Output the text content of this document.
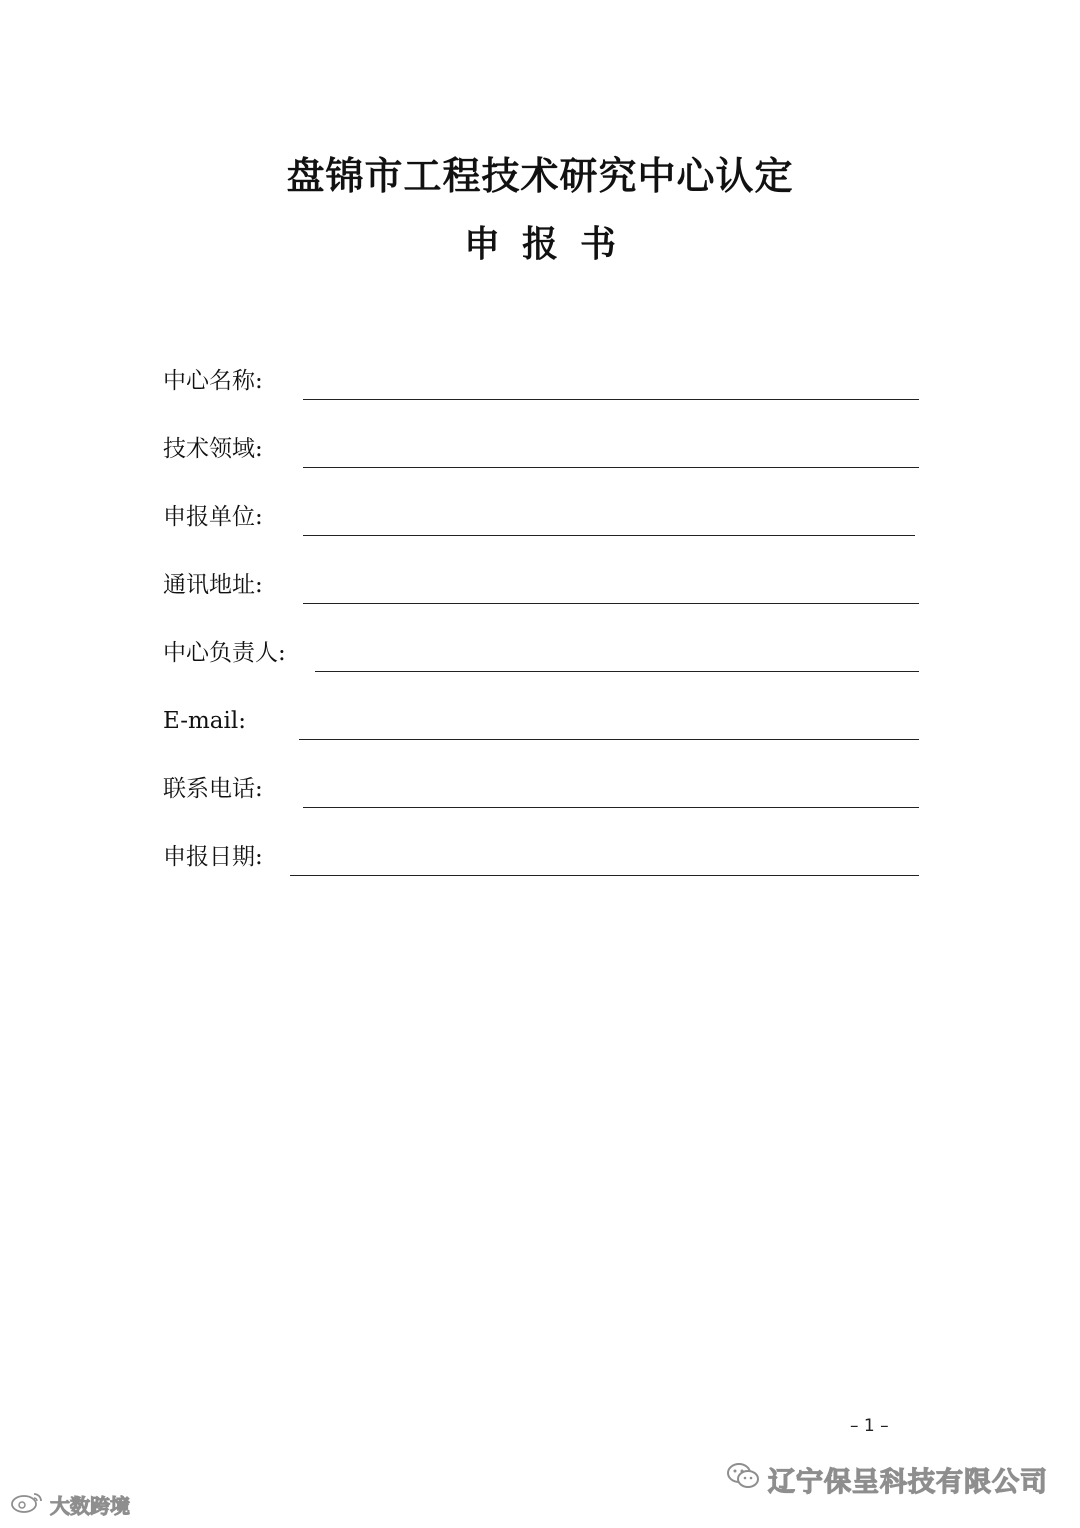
盘锦市工程技术研究中心认定
申报书
中心名称:
技术领域:
申报单位:
通讯地址:
中心负责人:
E-mail:
联系电话:
申报日期:
– 1 –
辽宁保呈科技有限公司
大数跨境
